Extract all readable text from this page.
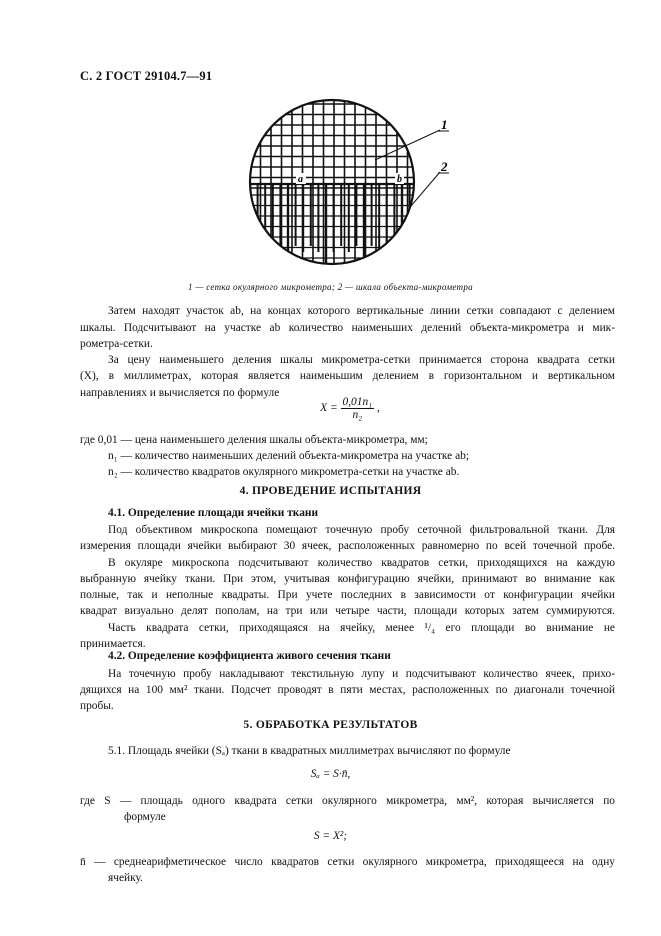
С. 2 ГОСТ 29104.7—91
1
2
a	b
1 — сетка окулярного микрометра; 2 — шкала объекта-микрометра
Затем находят участок ab, на концах которого вертикальные линии сетки совпадают с делением
шкалы. Подсчитывают на участке ab количество наименьших делений объекта-микрометра и мик-
рометра-сетки.
За цену наименьшего деления шкалы микрометра-сетки принимается сторона квадрата сетки
(X), в миллиметрах, которая является наименьшим делением в горизонтальном и вертикальном
направлениях и вычисляется по формуле
$X = \frac{\text{0,01n₁}}{\text{n₂}}$ ,
где 0,01 — цена наименьшего деления шкалы объекта-микрометра, мм;
n₁ — количество наименьших делений объекта-микрометра на участке ab;
n₂ — количество квадратов окулярного микрометра-сетки на участке ab.
4. ПРОВЕДЕНИЕ ИСПЫТАНИЯ
4.1. Определение площади ячейки ткани
Под объективом микроскопа помещают точечную пробу сеточной фильтровальной ткани. Для
измерения площади ячейки выбирают 30 ячеек, расположенных равномерно по всей точечной пробе.
В окуляре микроскопа подсчитывают количество квадратов сетки, приходящихся на каждую
выбранную ячейку ткани. При этом, учитывая конфигурацию ячейки, принимают во внимание как
полные, так и неполные квадраты. При учете последних в зависимости от конфигурации ячейки
квадрат визуально делят пополам, на три или четыре части, площади которых затем суммируются.
Часть квадрата сетки, приходящаяся на ячейку, менее ¹/₄ его площади во внимание не
принимается.
4.2. Определение коэффициента живого сечения ткани
На точечную пробу накладывают текстильную лупу и подсчитывают количество ячеек, прихо-
дящихся на 100 мм² ткани. Подсчет проводят в пяти местах, расположенных по диагонали точечной
пробы.
5. ОБРАБОТКА РЕЗУЛЬТАТОВ
5.1. Площадь ячейки (Sₐ) ткани в квадратных миллиметрах вычисляют по формуле
Sₐ = S·n̄,
где S — площадь одного квадрата сетки окулярного микрометра, мм², которая вычисляется по
формуле
S = X²;
n̄ — среднеарифметическое число квадратов сетки окулярного микрометра, приходящееся на одну
ячейку.
